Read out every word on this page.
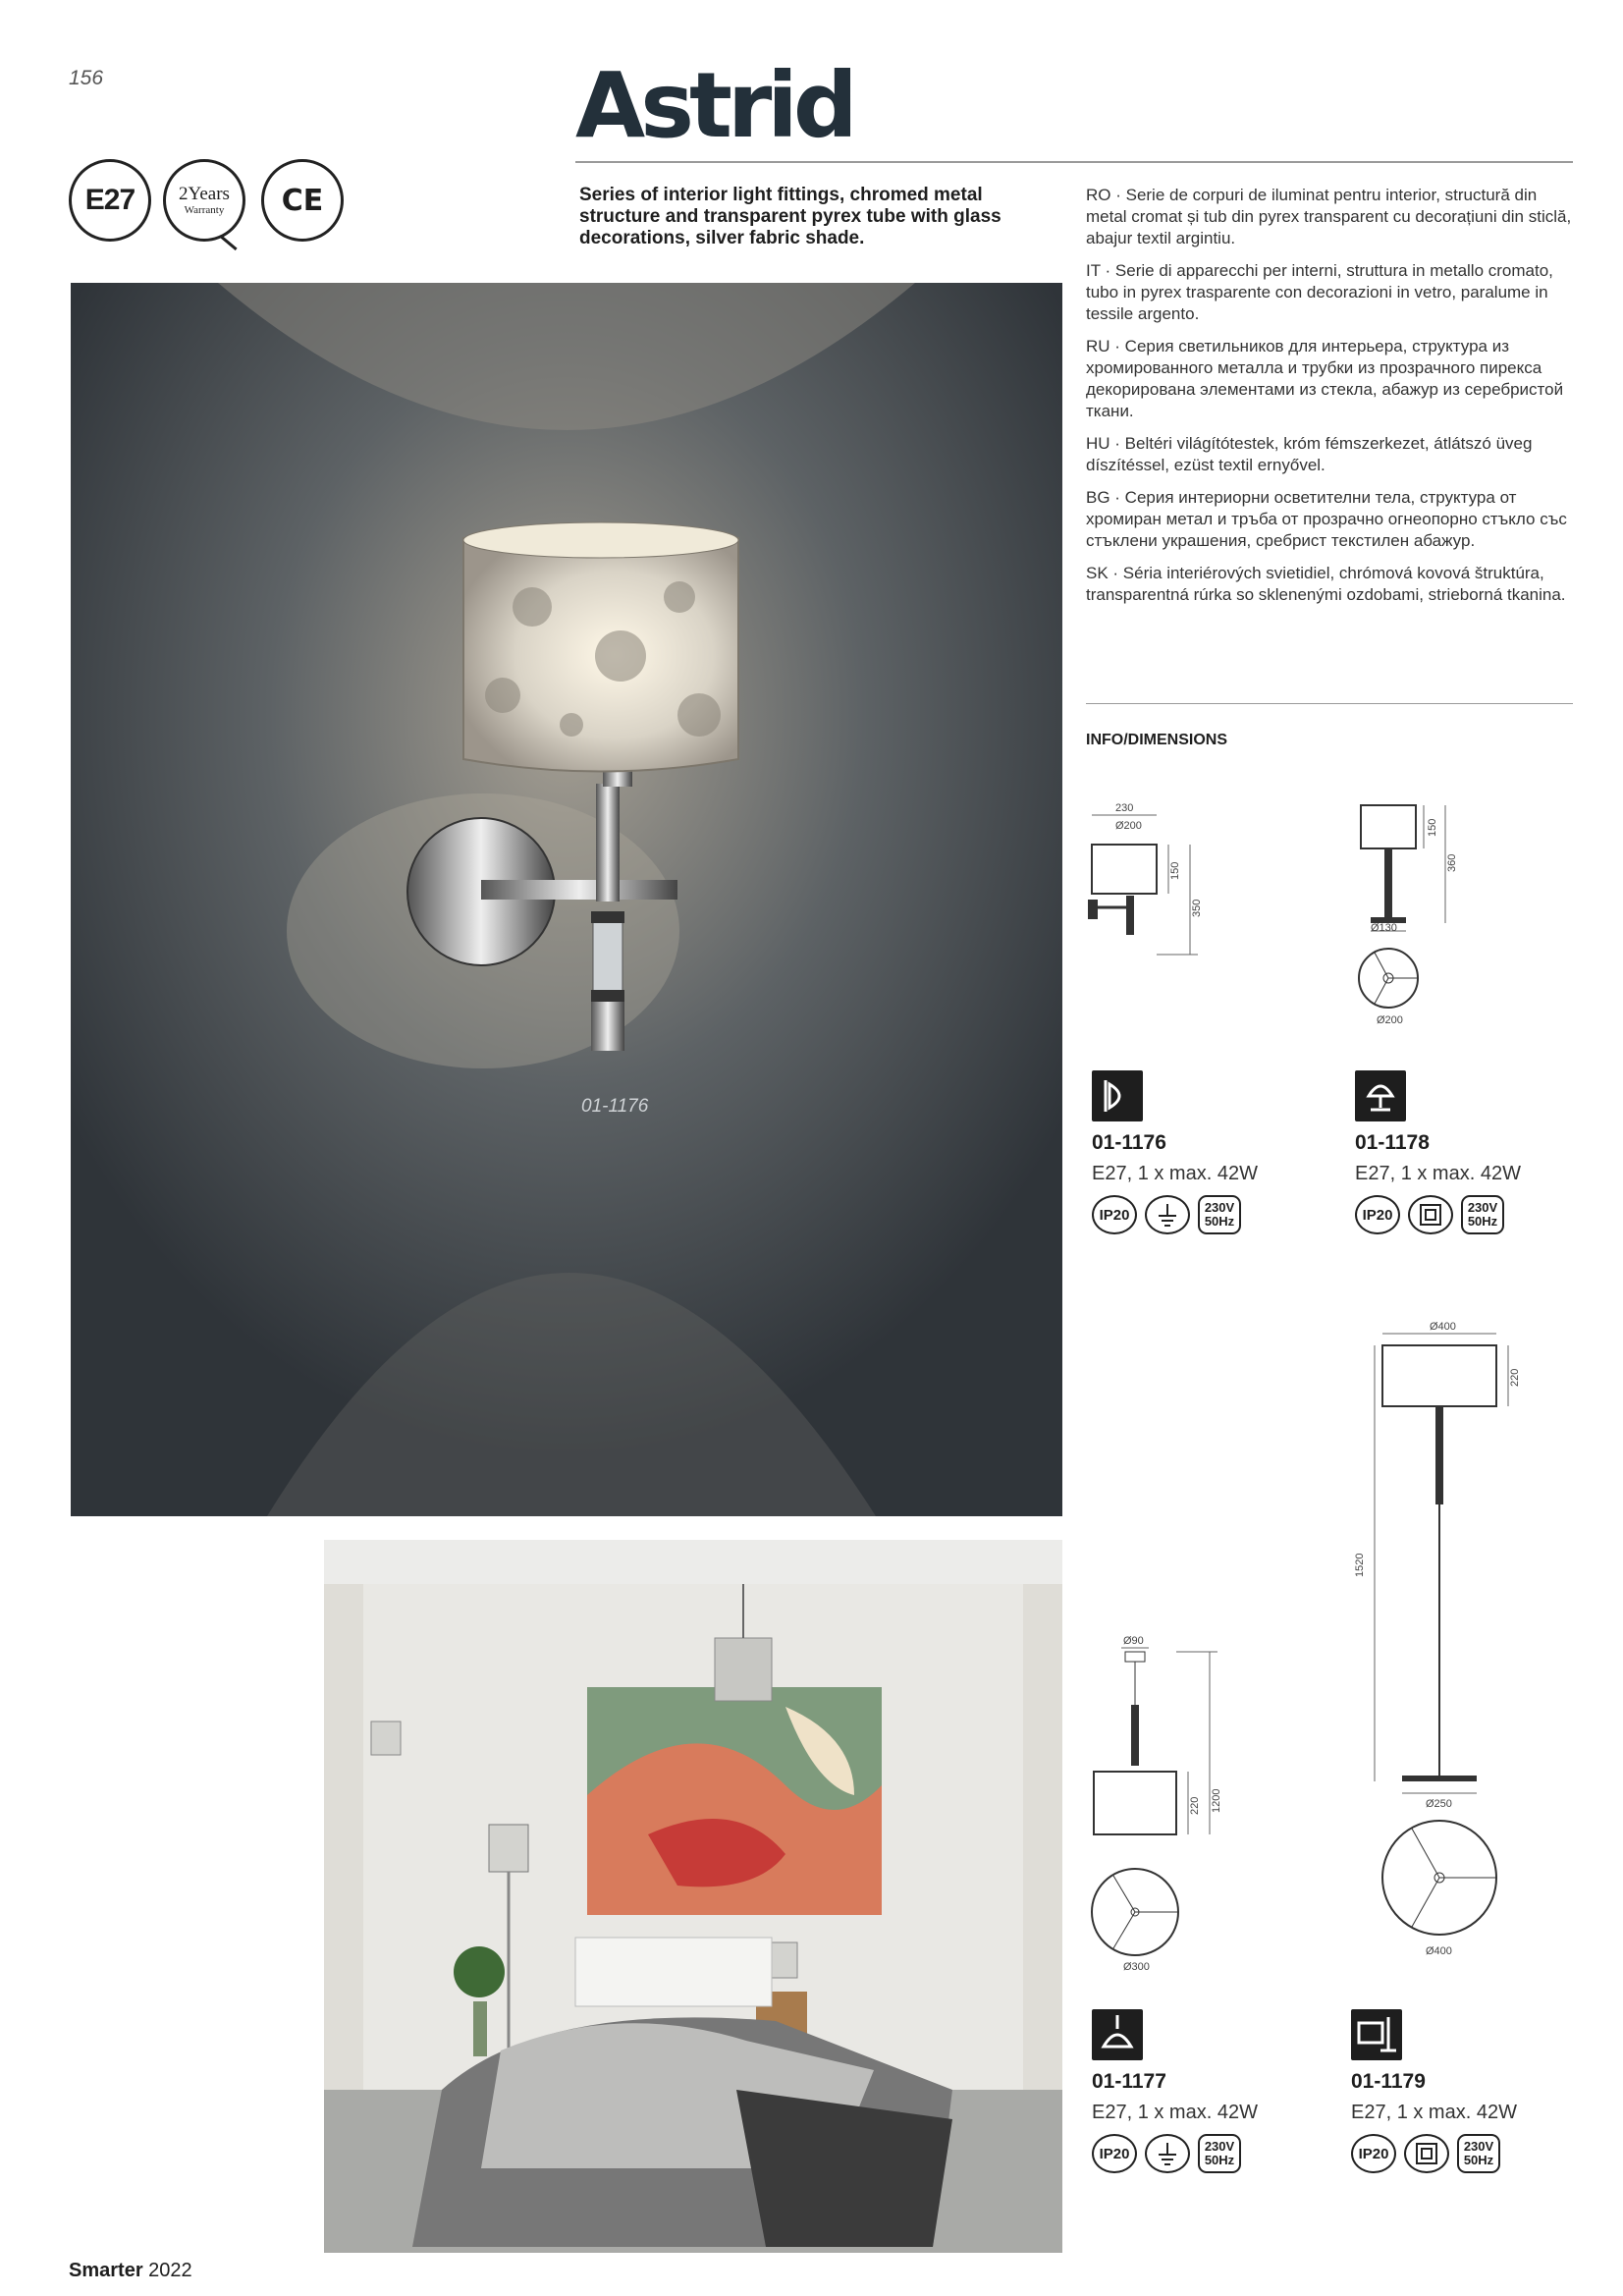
156	Astrid
E27	2Years
Warranty	CE	Series of interior light fittings, chromed metal structure and transparent pyrex tube with glass decorations, silver fabric shade.

RO · Serie de corpuri de iluminat pentru interior, structură din metal cromat și tub din pyrex transparent cu decorațiuni din sticlă, abajur textil argintiu.

IT · Serie di apparecchi per interni, struttura in metallo cromato, tubo in pyrex trasparente con decorazioni in vetro, paralume in tessile argento.

RU · Серия светильников для интерьера, структура из хромированного металла и трубки из прозрачного пирекса декорирована элементами из стекла, абажур из серебристой ткани.

HU · Beltéri világítótestek, króm fémszerkezet, átlátszó üveg díszítéssel, ezüst textil ernyővel.

BG · Серия интериорни осветителни тела, структура от хромиран метал и тръба от прозрачно огнеопорно стъкло със стъклени украшения, сребрист текстилен абажур.

SK · Séria interiérových svietidiel, chrómová kovová štruktúra, transparentná rúrka so sklenenými ozdobami, strieborná tkanina.

01-1176
INFO/DIMENSIONS
230
Ø200
150
350
150
360
Ø130
Ø200
01-1176
E27, 1 x max. 42W
IP20	230V
50Hz
01-1178
E27, 1 x max. 42W
IP20	230V
50Hz
Ø400
220
1520
Ø250
Ø400
Ø90
220 1200
Ø300
01-1177
E27, 1 x max. 42W
IP20	230V
50Hz
01-1179
E27, 1 x max. 42W
IP20	230V
50Hz
Smarter 2022
